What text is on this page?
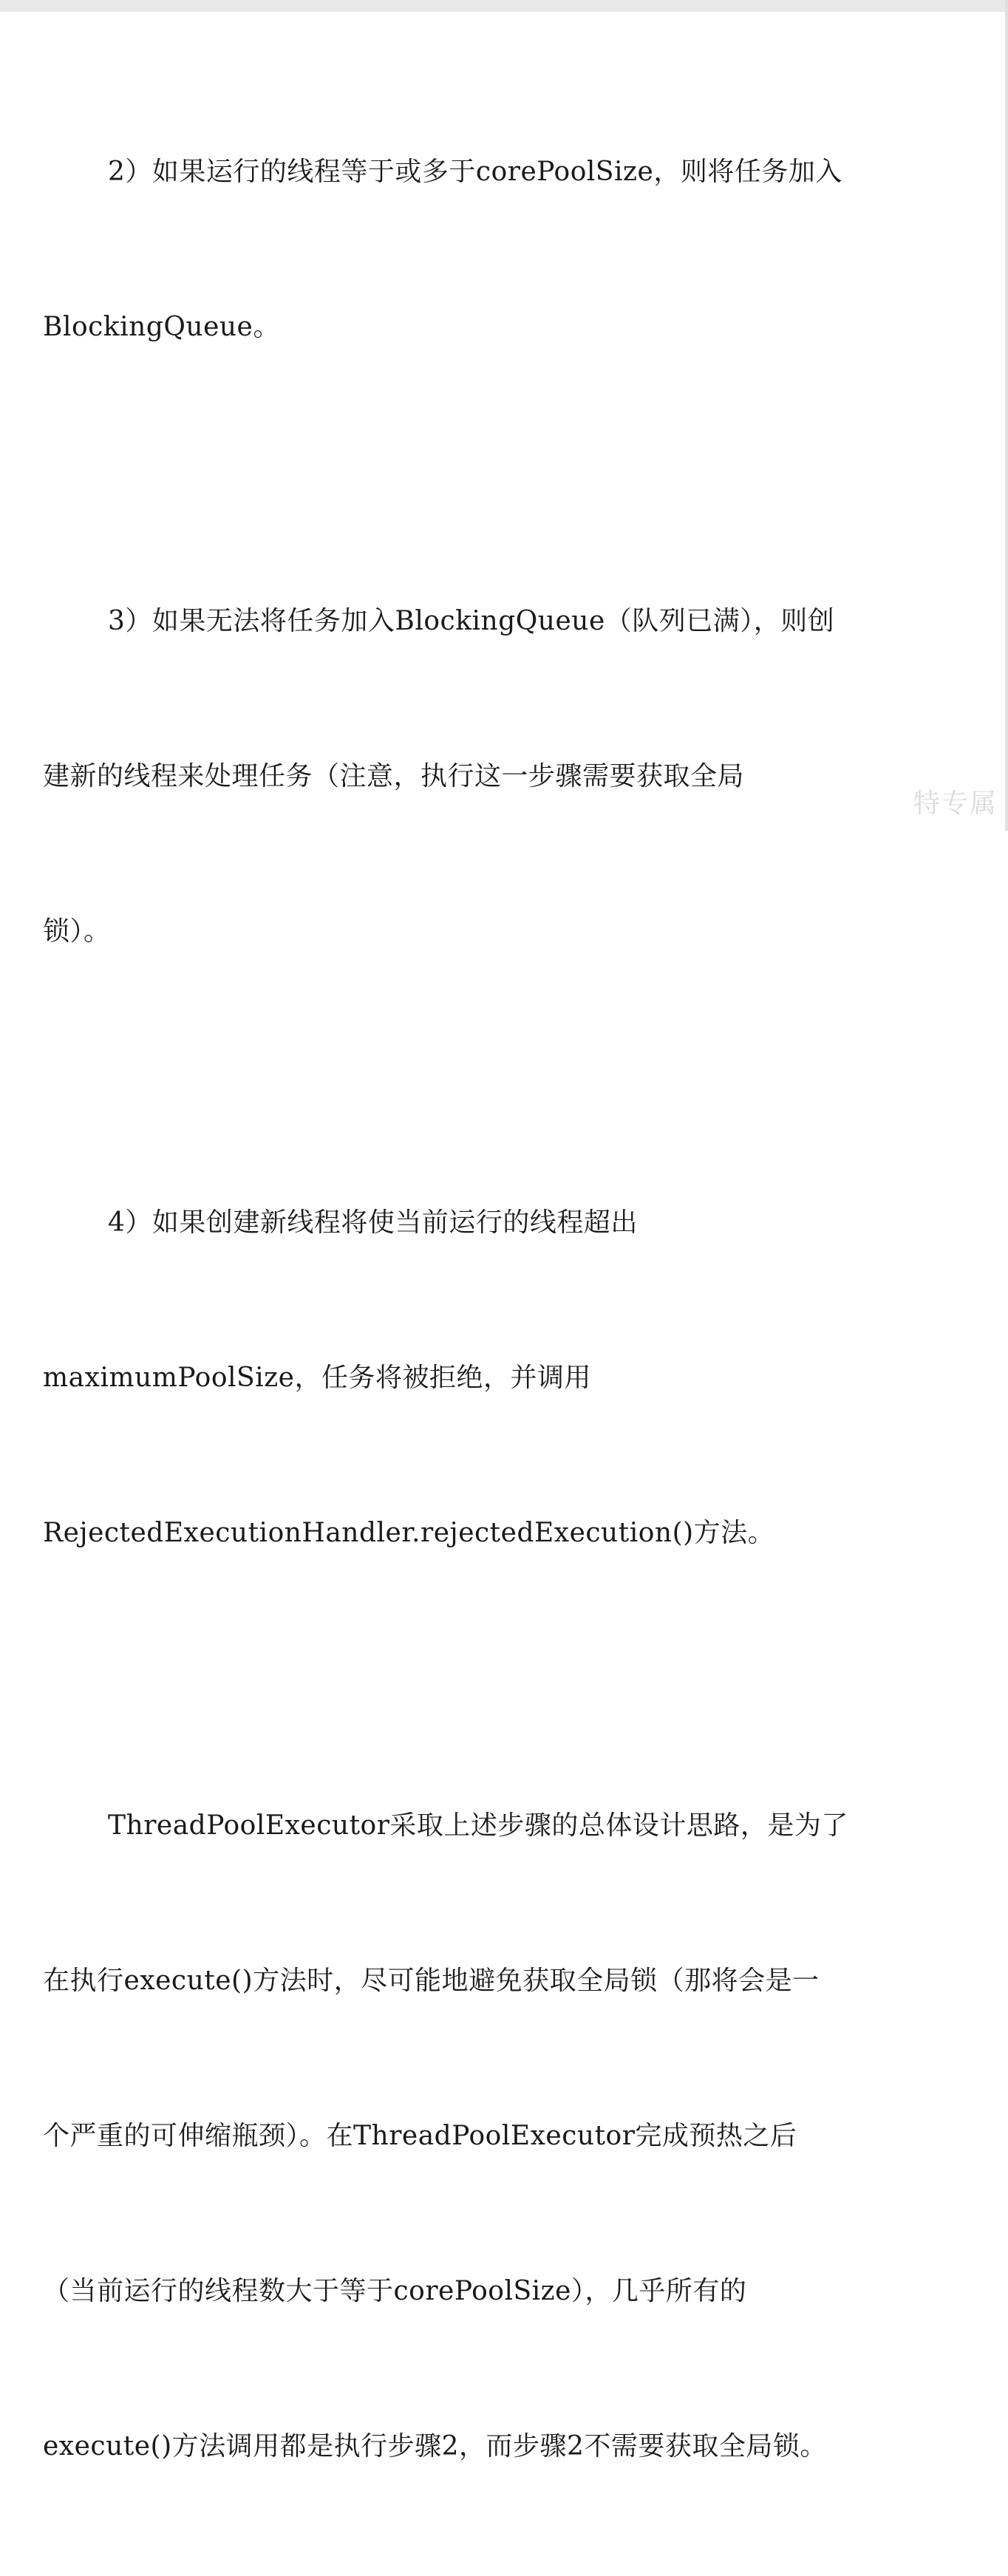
2）如果运行的线程等于或多于corePoolSize，则将任务加入

BlockingQueue。

3）如果无法将任务加入BlockingQueue（队列已满），则创

建新的线程来处理任务（注意，执行这一步骤需要获取全局

锁）。

4）如果创建新线程将使当前运行的线程超出

maximumPoolSize，任务将被拒绝，并调用

RejectedExecutionHandler.rejectedExecution()方法。

ThreadPoolExecutor采取上述步骤的总体设计思路，是为了

在执行execute()方法时，尽可能地避免获取全局锁（那将会是一

个严重的可伸缩瓶颈）。在ThreadPoolExecutor完成预热之后

（当前运行的线程数大于等于corePoolSize），几乎所有的

execute()方法调用都是执行步骤2，而步骤2不需要获取全局锁。

特专属
